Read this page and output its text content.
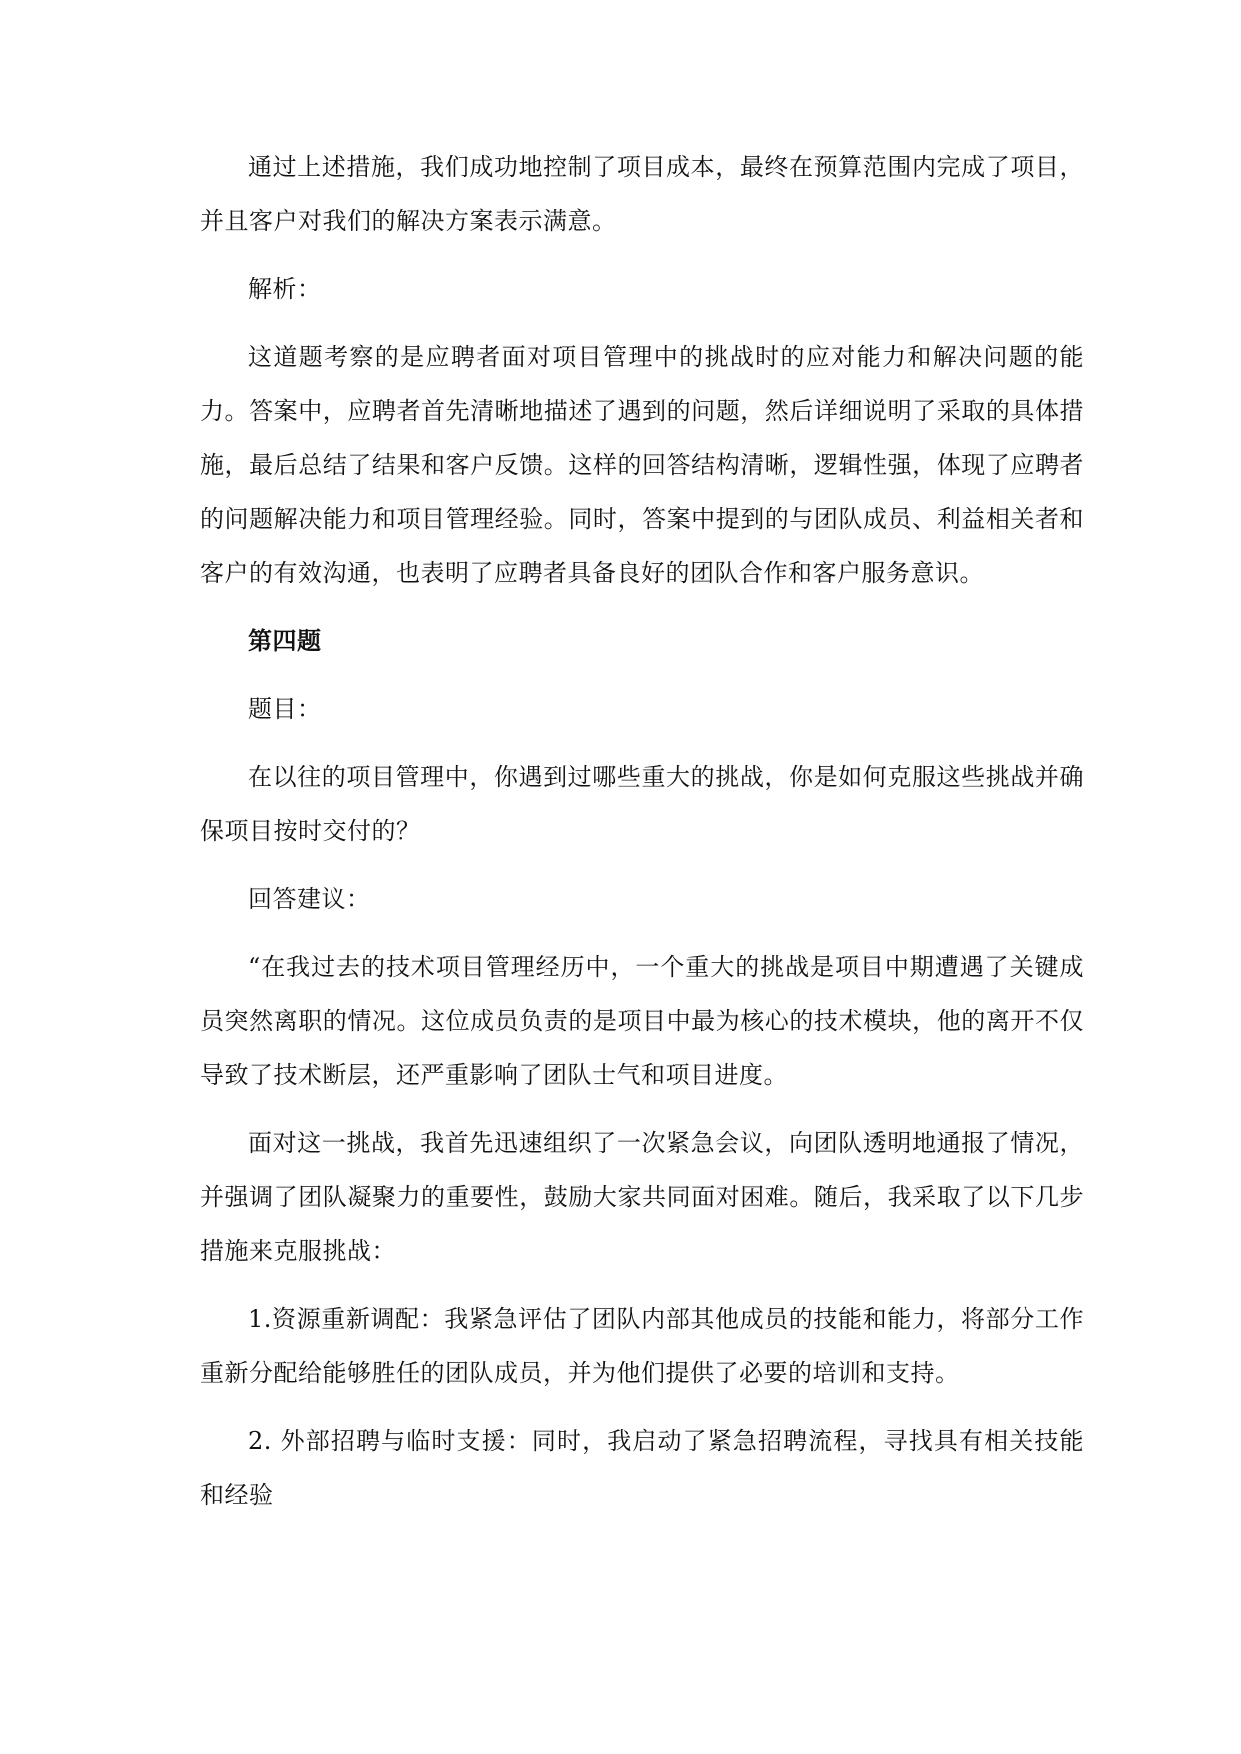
通过上述措施，我们成功地控制了项目成本，最终在预算范围内完成了项目，并且客户对我们的解决方案表示满意。

解析：

这道题考察的是应聘者面对项目管理中的挑战时的应对能力和解决问题的能力。答案中，应聘者首先清晰地描述了遇到的问题，然后详细说明了采取的具体措施，最后总结了结果和客户反馈。这样的回答结构清晰，逻辑性强，体现了应聘者的问题解决能力和项目管理经验。同时，答案中提到的与团队成员、利益相关者和客户的有效沟通，也表明了应聘者具备良好的团队合作和客户服务意识。

第四题

题目：

在以往的项目管理中，你遇到过哪些重大的挑战，你是如何克服这些挑战并确保项目按时交付的？

回答建议：

“在我过去的技术项目管理经历中，一个重大的挑战是项目中期遭遇了关键成员突然离职的情况。这位成员负责的是项目中最为核心的技术模块，他的离开不仅导致了技术断层，还严重影响了团队士气和项目进度。

面对这一挑战，我首先迅速组织了一次紧急会议，向团队透明地通报了情况，并强调了团队凝聚力的重要性，鼓励大家共同面对困难。随后，我采取了以下几步措施来克服挑战：

1.资源重新调配：我紧急评估了团队内部其他成员的技能和能力，将部分工作重新分配给能够胜任的团队成员，并为他们提供了必要的培训和支持。

2. 外部招聘与临时支援：同时，我启动了紧急招聘流程，寻找具有相关技能和经验
